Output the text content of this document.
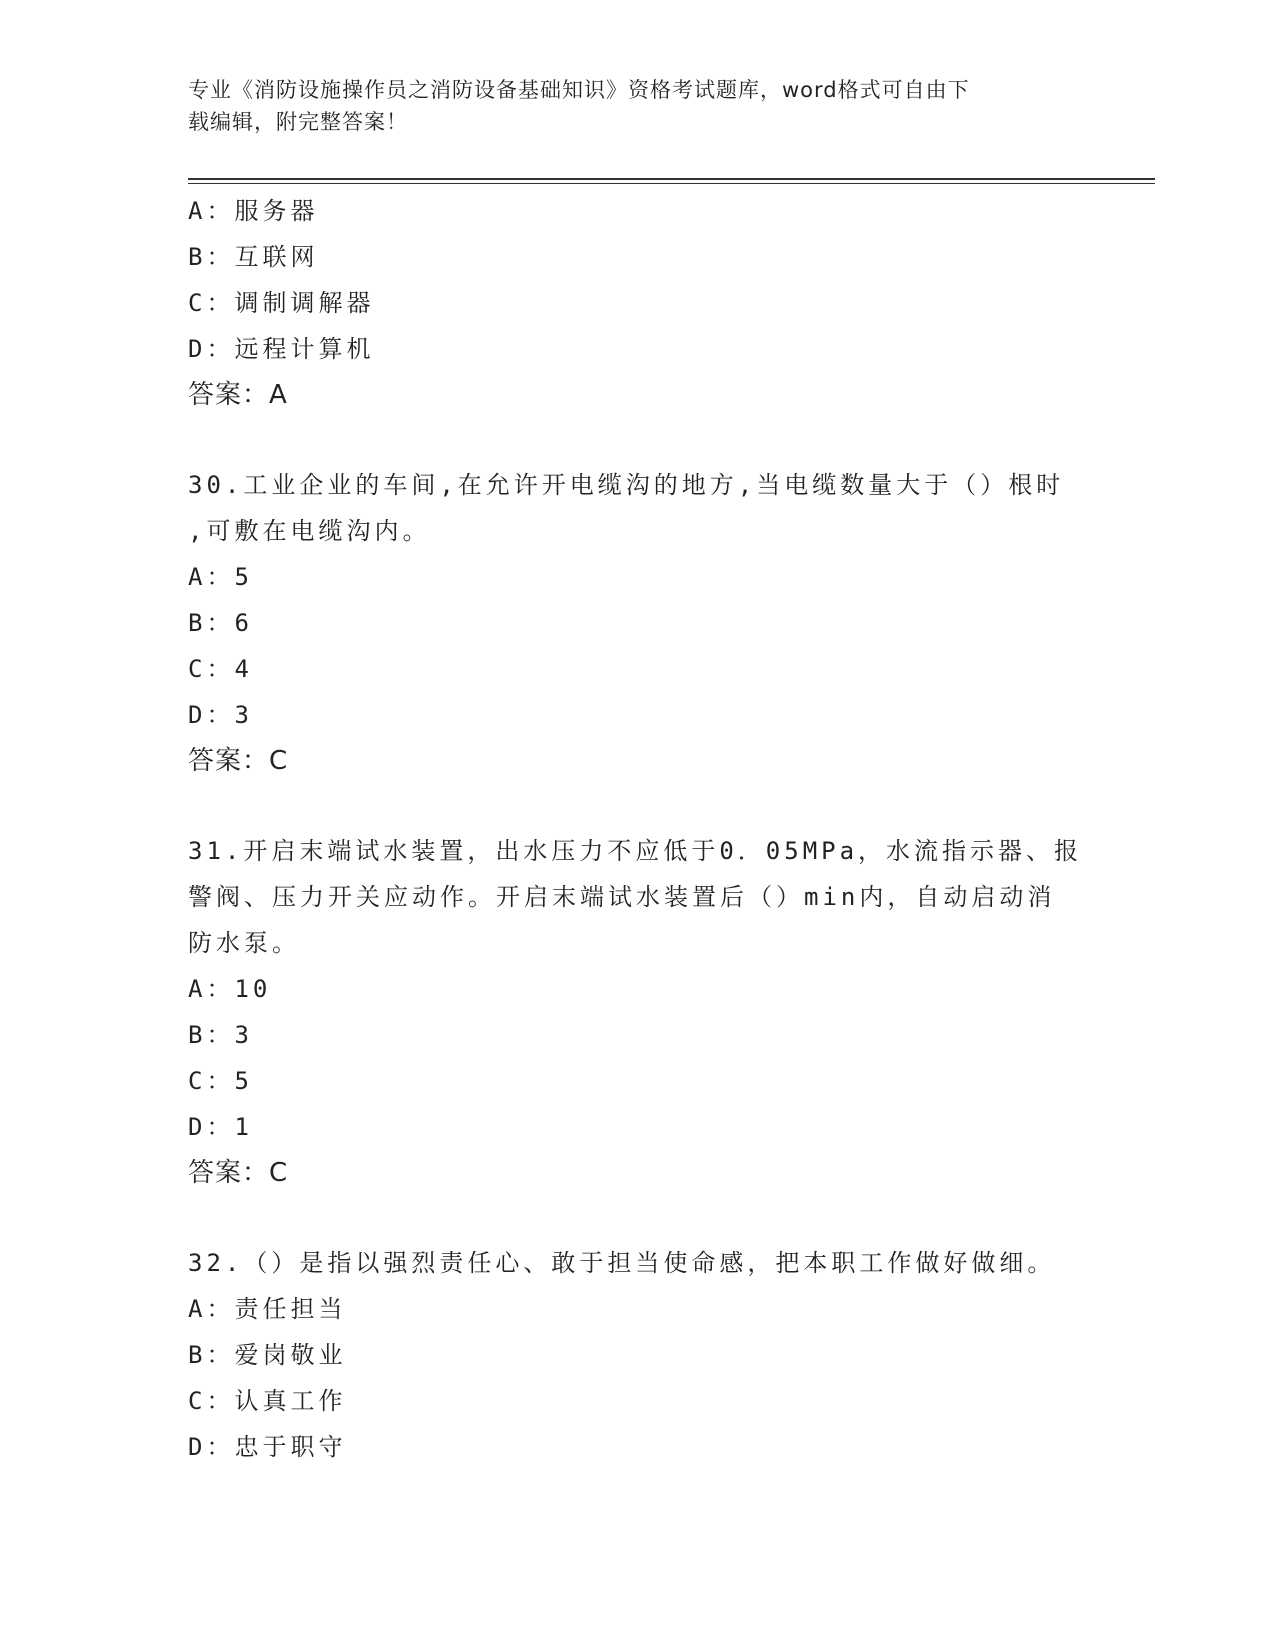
专业《消防设施操作员之消防设备基础知识》资格考试题库，word格式可自由下
载编辑，附完整答案！
A：服务器
B：互联网
C：调制调解器
D：远程计算机
答案：A
30.工业企业的车间,在允许开电缆沟的地方,当电缆数量大于（）根时
,可敷在电缆沟内。
A：5
B：6
C：4
D：3
答案：C
31.开启末端试水装置，出水压力不应低于0．05MPa，水流指示器、报
警阀、压力开关应动作。开启末端试水装置后（）min内，自动启动消
防水泵。
A：10
B：3
C：5
D：1
答案：C
32.（）是指以强烈责任心、敢于担当使命感，把本职工作做好做细。
A：责任担当
B：爱岗敬业
C：认真工作
D：忠于职守
